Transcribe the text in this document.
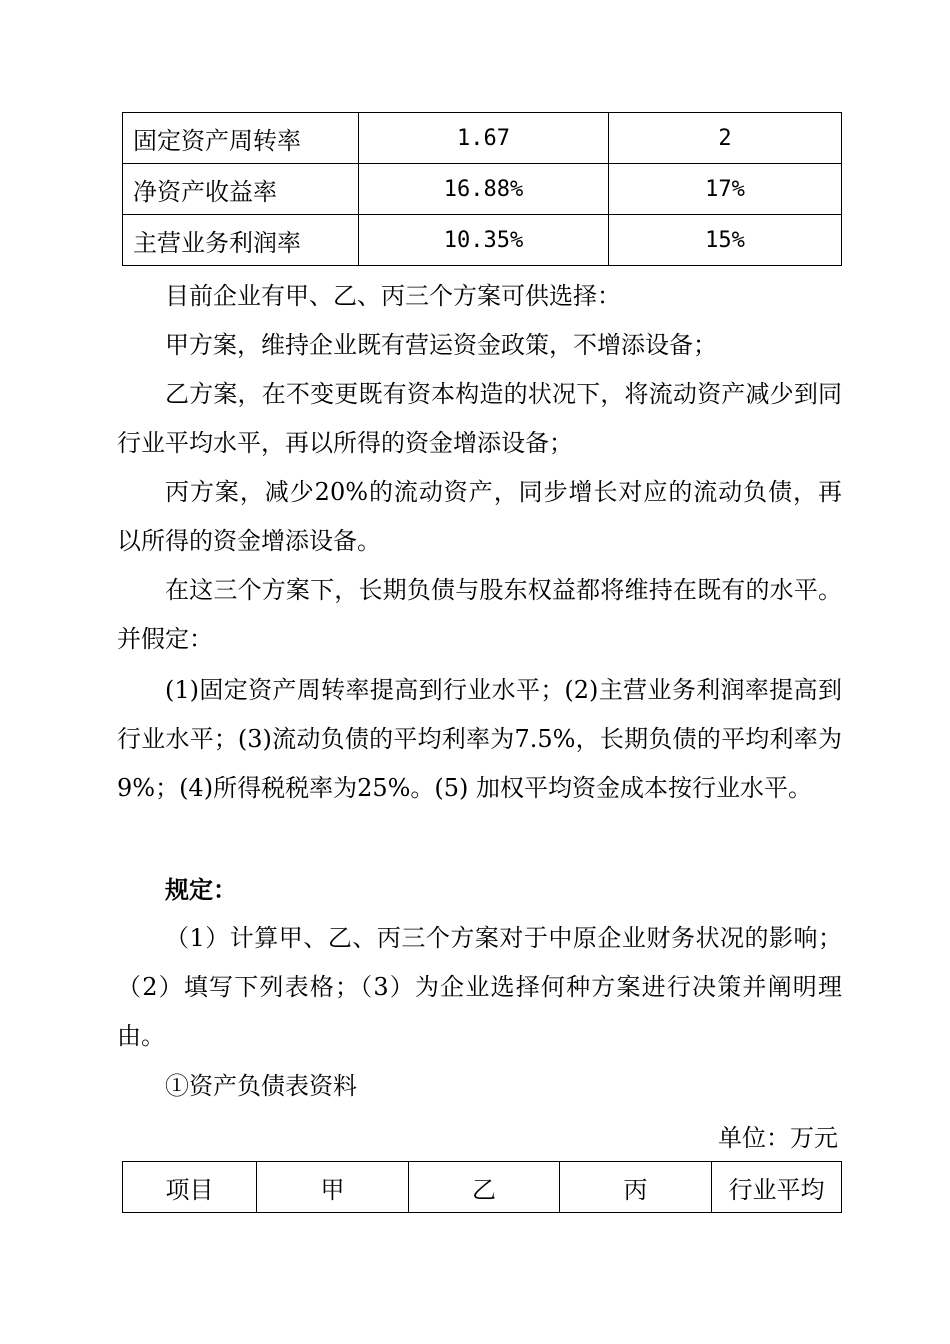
固定资产周转率	1.67	2
净资产收益率	16.88%	17%
主营业务利润率	10.35%	15%

目前企业有甲、乙、丙三个方案可供选择：

甲方案，维持企业既有营运资金政策，不增添设备；

乙方案，在不变更既有资本构造的状况下，将流动资产减少到同行业平均水平，再以所得的资金增添设备；

丙方案，减少20%的流动资产，同步增长对应的流动负债，再以所得的资金增添设备。

在这三个方案下，长期负债与股东权益都将维持在既有的水平。并假定：

(1)固定资产周转率提高到行业水平；(2)主营业务利润率提高到行业水平；(3)流动负债的平均利率为7.5%，长期负债的平均利率为9%；(4)所得税税率为25%。(5) 加权平均资金成本按行业水平。

规定：

（1）计算甲、乙、丙三个方案对于中原企业财务状况的影响；（2）填写下列表格；（3）为企业选择何种方案进行决策并阐明理由。

①资产负债表资料

单位：万元

项目	甲	乙	丙	行业平均
